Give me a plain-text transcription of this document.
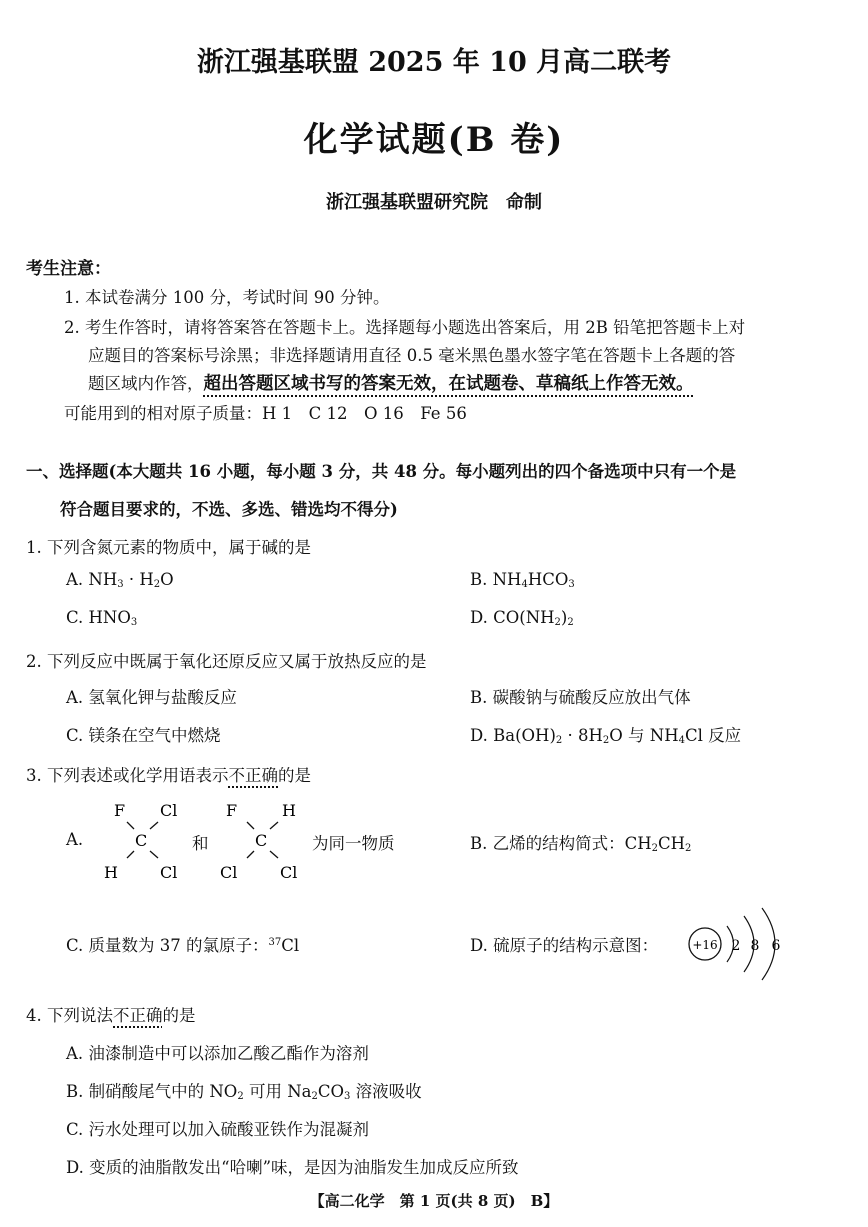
浙江强基联盟 2025 年 10 月高二联考
化学试题(B 卷)
浙江强基联盟研究院　命制
考生注意：
1. 本试卷满分 100 分，考试时间 90 分钟。
2. 考生作答时，请将答案答在答题卡上。选择题每小题选出答案后，用 2B 铅笔把答题卡上对
应题目的答案标号涂黑；非选择题请用直径 0.5 毫米黑色墨水签字笔在答题卡上各题的答
题区域内作答，超出答题区域书写的答案无效，在试题卷、草稿纸上作答无效。
可能用到的相对原子质量：H 1　C 12　O 16　Fe 56
一、选择题(本大题共 16 小题，每小题 3 分，共 48 分。每小题列出的四个备选项中只有一个是
符合题目要求的，不选、多选、错选均不得分)
1. 下列含氮元素的物质中，属于碱的是
A. $NH_3 \cdot H_2O$	B. $NH_4HCO_3$
C. $HNO_3$	D. $CO(NH_2)_2$
2. 下列反应中既属于氧化还原反应又属于放热反应的是
A. 氢氧化钾与盐酸反应	B. 碳酸钠与硫酸反应放出气体
C. 镁条在空气中燃烧	D. $Ba(OH)_2 \cdot 8H_2O$ 与 $NH_4Cl$ 反应
3. 下列表述或化学用语表示不正确的是
A.
F Cl
C
H	Cl
和
F	H
C
Cl	Cl
为同一物质	B. 乙烯的结构简式：$CH_2CH_2$
C. 质量数为 37 的氯原子：$^{37}$Cl	D. 硫原子的结构示意图：	+16 2 8 6
4. 下列说法不正确的是
A. 油漆制造中可以添加乙酸乙酯作为溶剂
B. 制硝酸尾气中的 $NO_2$ 可用 $Na_2CO_3$ 溶液吸收
C. 污水处理可以加入硫酸亚铁作为混凝剂
D. 变质的油脂散发出“哈喇”味，是因为油脂发生加成反应所致
【高二化学　第 1 页(共 8 页)　B】
